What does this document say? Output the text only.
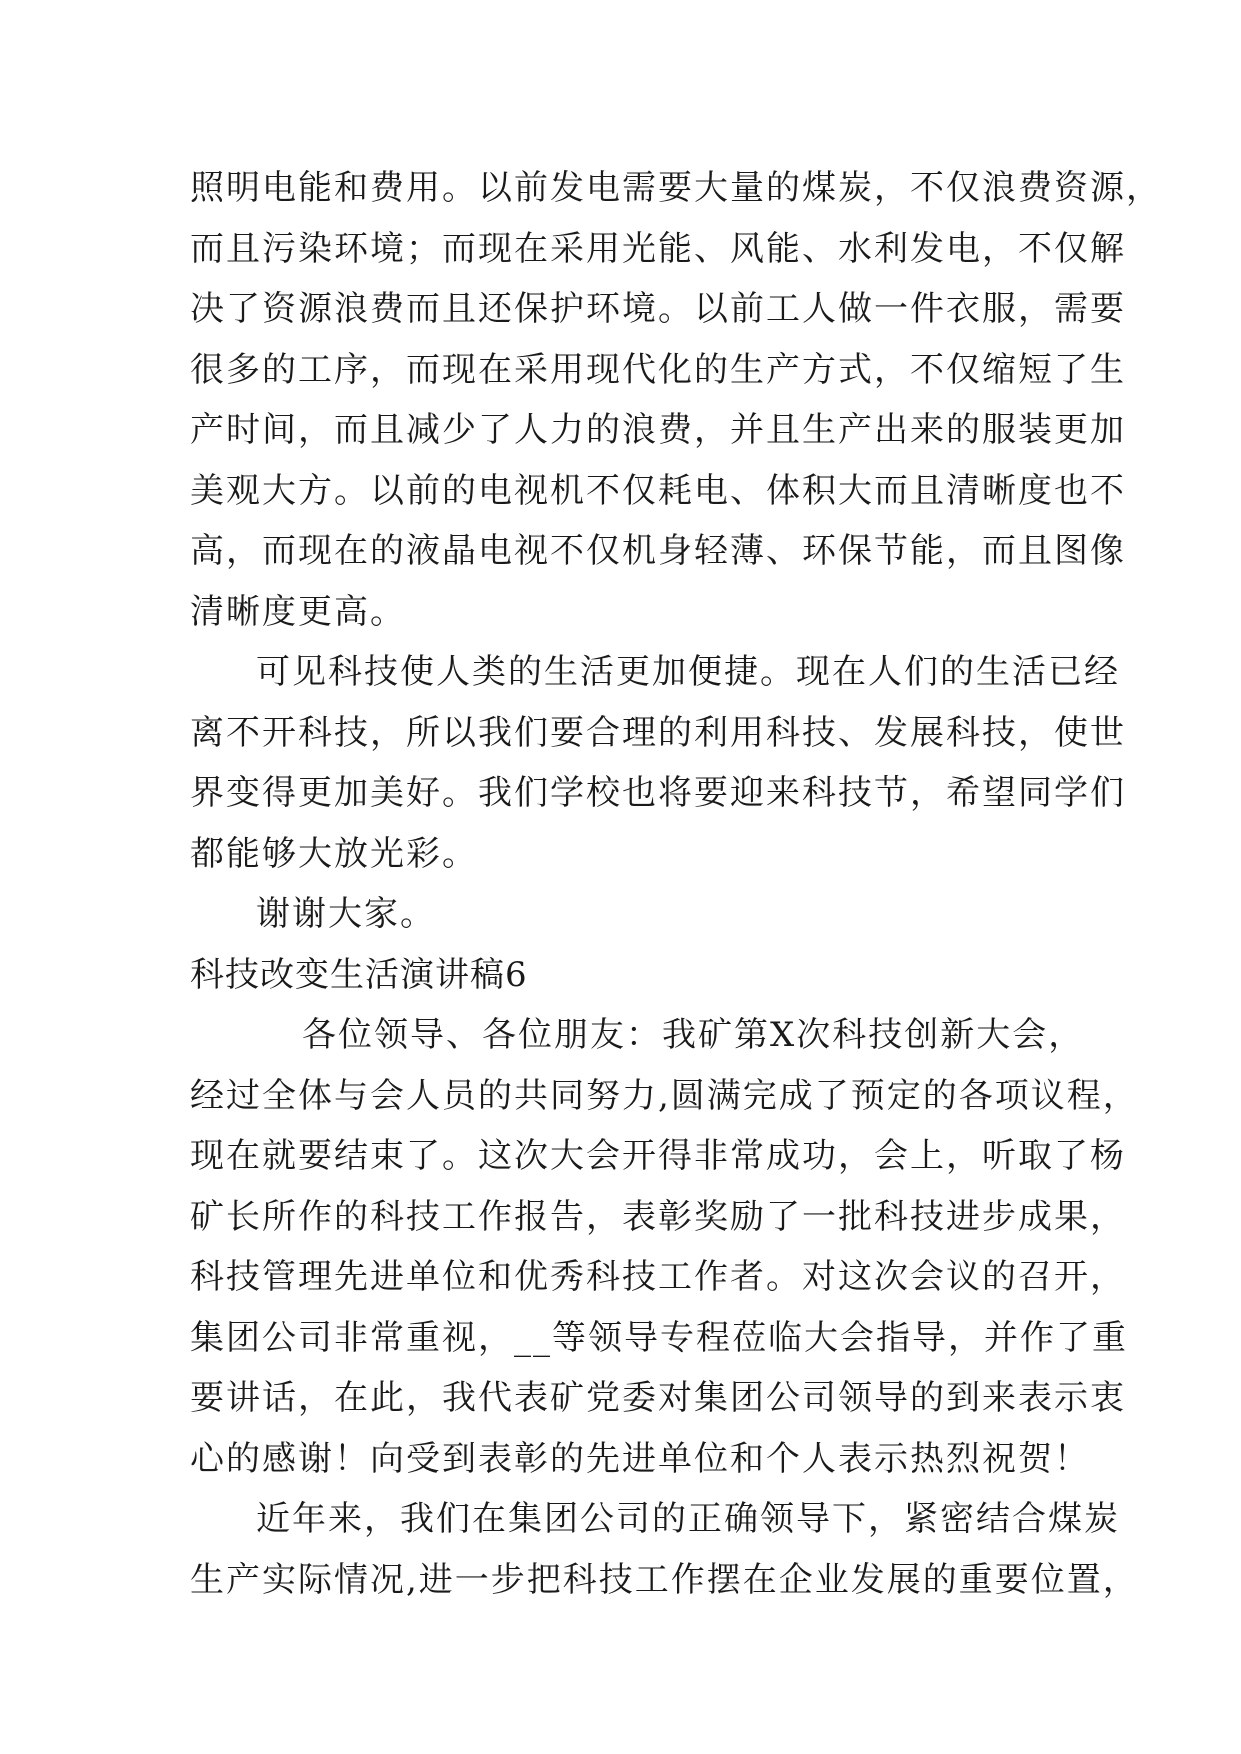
照明电能和费用。以前发电需要大量的煤炭，不仅浪费资源，
而且污染环境；而现在采用光能、风能、水利发电，不仅解
决了资源浪费而且还保护环境。以前工人做一件衣服，需要
很多的工序，而现在采用现代化的生产方式，不仅缩短了生
产时间，而且减少了人力的浪费，并且生产出来的服装更加
美观大方。以前的电视机不仅耗电、体积大而且清晰度也不
高，而现在的液晶电视不仅机身轻薄、环保节能，而且图像
清晰度更高。
可见科技使人类的生活更加便捷。现在人们的生活已经
离不开科技，所以我们要合理的利用科技、发展科技，使世
界变得更加美好。我们学校也将要迎来科技节，希望同学们
都能够大放光彩。
谢谢大家。
科技改变生活演讲稿6
各位领导、各位朋友：我矿第X次科技创新大会，
经过全体与会人员的共同努力,圆满完成了预定的各项议程，
现在就要结束了。这次大会开得非常成功，会上，听取了杨
矿长所作的科技工作报告，表彰奖励了一批科技进步成果，
科技管理先进单位和优秀科技工作者。对这次会议的召开，
集团公司非常重视，__等领导专程莅临大会指导，并作了重
要讲话，在此，我代表矿党委对集团公司领导的到来表示衷
心的感谢！向受到表彰的先进单位和个人表示热烈祝贺！
近年来，我们在集团公司的正确领导下，紧密结合煤炭
生产实际情况,进一步把科技工作摆在企业发展的重要位置，
